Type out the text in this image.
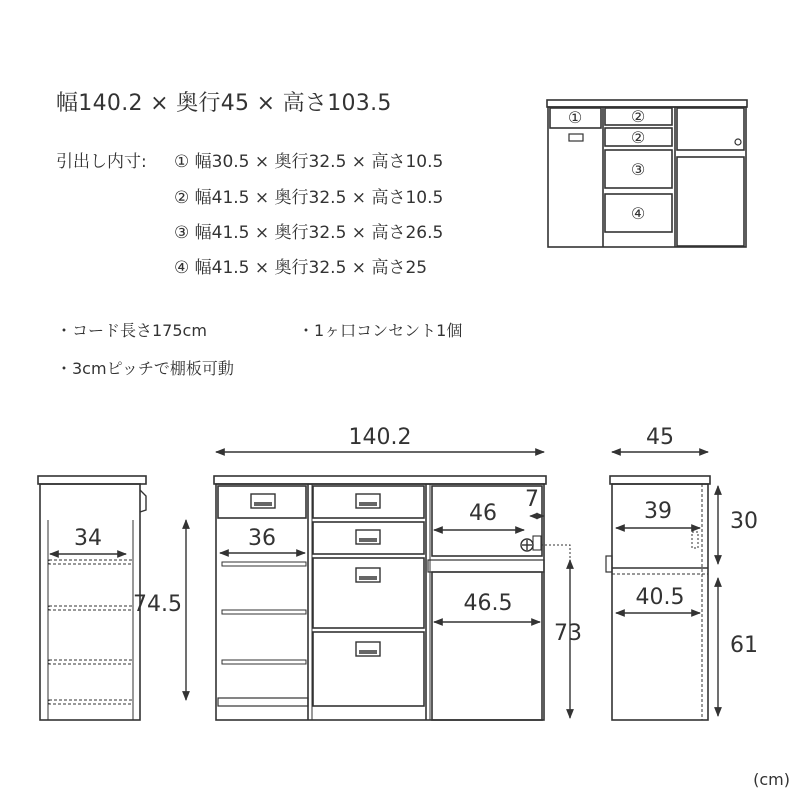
幅140.2 × 奥行45 × 高さ103.5
引出し内寸: ① 幅30.5 × 奥行32.5 × 高さ10.5
② 幅41.5 × 奥行32.5 × 高さ10.5
③ 幅41.5 × 奥行32.5 × 高さ26.5
④ 幅41.5 × 奥行32.5 × 高さ25
・コード長さ175cm	・1ヶ口コンセント1個
・3cmピッチで棚板可動
①	②
②
③
④
34
140.2
36
74.5
46
7
46.5
73
45
39
40.5
30
61
(cm)
